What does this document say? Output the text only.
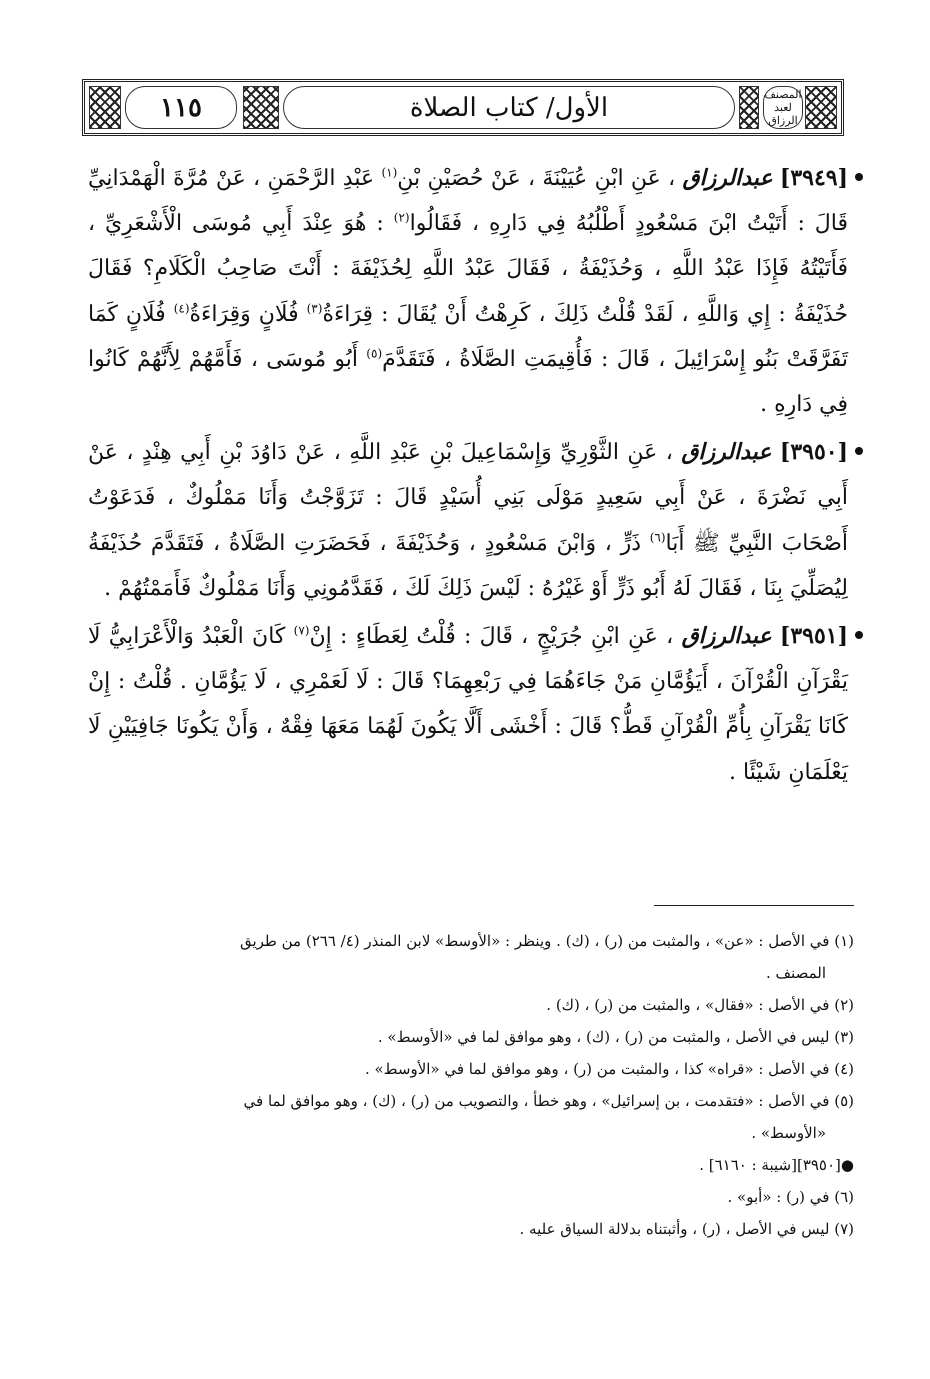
١١٥	الأول/ كتاب الصلاة	المصنف
لعبد الرزاق

[٣٩٤٩] عبدالرزاق ، عَنِ ابْنِ عُيَيْنَةَ ، عَنْ حُصَيْنِ بْنِ$^{(١)}$ عَبْدِ الرَّحْمَنِ ، عَنْ مُرَّةَ الْهَمْدَانِيِّ قَالَ : أَتَيْتُ ابْنَ مَسْعُودٍ أَطْلُبُهُ فِي دَارِهِ ، فَقَالُوا$^{(٢)}$ : هُوَ عِنْدَ أَبِي مُوسَى الْأَشْعَرِيِّ ، فَأَتَيْتُهُ فَإِذَا عَبْدُ اللَّهِ ، وَحُذَيْفَةُ ، فَقَالَ عَبْدُ اللَّهِ لِحُذَيْفَةَ : أَنْتَ صَاحِبُ الْكَلَامِ؟ فَقَالَ حُذَيْفَةُ : إِي وَاللَّهِ ، لَقَدْ قُلْتُ ذَلِكَ ، كَرِهْتُ أَنْ يُقَالَ : قِرَاءَةُ$^{(٣)}$ فُلَانٍ وَقِرَاءَةُ$^{(٤)}$ فُلَانٍ كَمَا تَفَرَّقَتْ بَنُو إِسْرَائِيلَ ، قَالَ : فَأُقِيمَتِ الصَّلَاةُ ، فَتَقَدَّمَ$^{(٥)}$ أَبُو مُوسَى ، فَأَمَّهُمْ لِأَنَّهُمْ كَانُوا فِي دَارِهِ .

[٣٩٥٠] عبدالرزاق ، عَنِ الثَّوْرِيِّ وَإِسْمَاعِيلَ بْنِ عَبْدِ اللَّهِ ، عَنْ دَاوُدَ بْنِ أَبِي هِنْدٍ ، عَنْ أَبِي نَضْرَةَ ، عَنْ أَبِي سَعِيدٍ مَوْلَى بَنِي أُسَيْدٍ قَالَ : تَزَوَّجْتُ وَأَنَا مَمْلُوكٌ ، فَدَعَوْتُ أَصْحَابَ النَّبِيِّ ﷺ أَبَا$^{(٦)}$ ذَرٍّ ، وَابْنَ مَسْعُودٍ ، وَحُذَيْفَةَ ، فَحَضَرَتِ الصَّلَاةُ ، فَتَقَدَّمَ حُذَيْفَةُ لِيُصَلِّيَ بِنَا ، فَقَالَ لَهُ أَبُو ذَرٍّ أَوْ غَيْرُهُ : لَيْسَ ذَلِكَ لَكَ ، فَقَدَّمُونِي وَأَنَا مَمْلُوكٌ فَأَمَمْتُهُمْ .

[٣٩٥١] عبدالرزاق ، عَنِ ابْنِ جُرَيْجٍ ، قَالَ : قُلْتُ لِعَطَاءٍ : إِنْ$^{(٧)}$ كَانَ الْعَبْدُ وَالْأَعْرَابِيُّ لَا يَقْرَآنِ الْقُرْآنَ ، أَيَؤُمَّانِ مَنْ جَاءَهُمَا فِي رَبْعِهِمَا؟ قَالَ : لَا لَعَمْرِي ، لَا يَؤُمَّانِ . قُلْتُ : إِنْ كَانَا يَقْرَآنِ بِأُمِّ الْقُرْآنِ قَطُّ؟ قَالَ : أَخْشَى أَلَّا يَكُونَ لَهُمَا مَعَهَا فِقْهٌ ، وَأَنْ يَكُونَا جَافِيَيْنِ لَا يَعْلَمَانِ شَيْئًا .

(١) في الأصل : «عن» ، والمثبت من (ر) ، (ك) . وينظر : «الأوسط» لابن المنذر (٤/ ٢٦٦) من طريق
المصنف .

(٢) في الأصل : «فقال» ، والمثبت من (ر) ، (ك) .

(٣) ليس في الأصل ، والمثبت من (ر) ، (ك) ، وهو موافق لما في «الأوسط» .

(٤) في الأصل : «قراه» كذا ، والمثبت من (ر) ، وهو موافق لما في «الأوسط» .

(٥) في الأصل : «فتقدمت ، بن إسرائيل» ، وهو خطأ ، والتصويب من (ر) ، (ك) ، وهو موافق لما في
«الأوسط» .

●[٣٩٥٠][شيبة : ٦١٦٠] .

(٦) في (ر) : «أبو» .

(٧) ليس في الأصل ، (ر) ، وأثبتناه بدلالة السياق عليه .
